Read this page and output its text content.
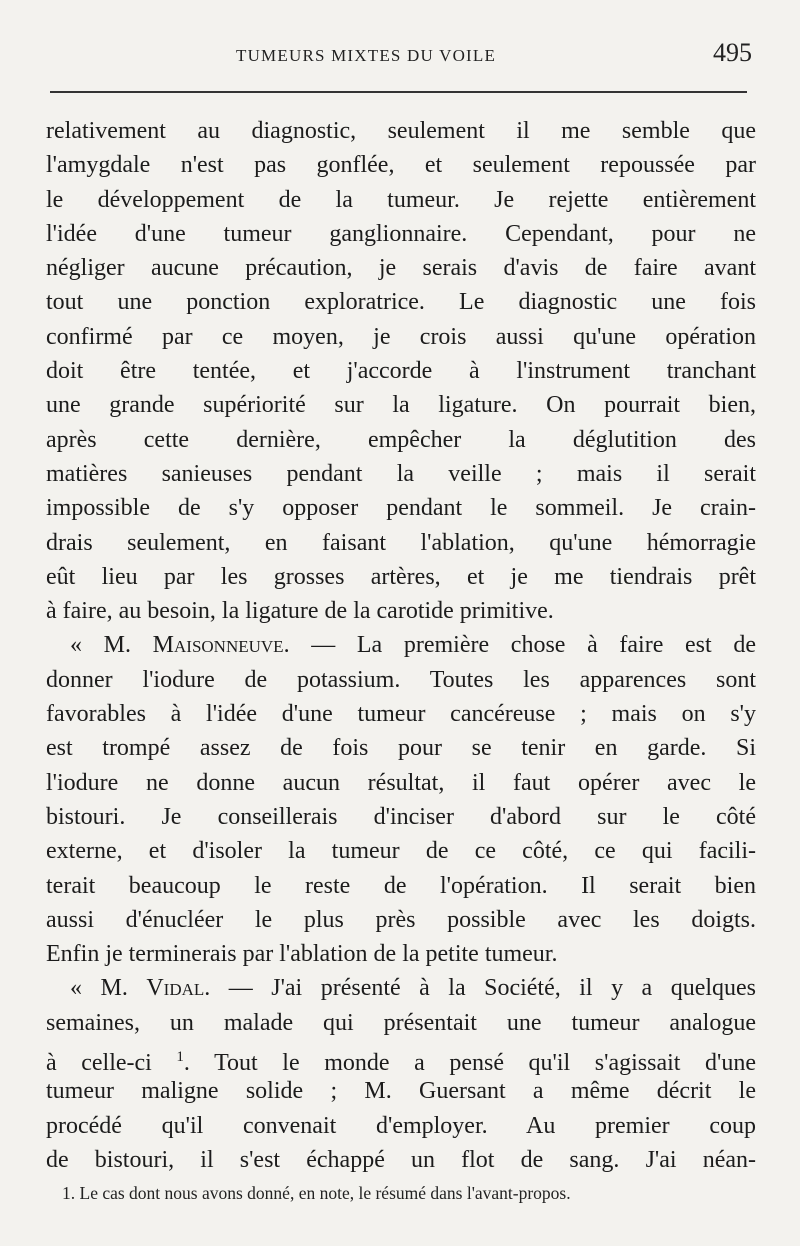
TUMEURS MIXTES DU VOILE	495
relativement au diagnostic, seulement il me semble que
l'amygdale n'est pas gonflée, et seulement repoussée par
le développement de la tumeur. Je rejette entièrement
l'idée d'une tumeur ganglionnaire. Cependant, pour ne
négliger aucune précaution, je serais d'avis de faire avant
tout une ponction exploratrice. Le diagnostic une fois
confirmé par ce moyen, je crois aussi qu'une opération
doit être tentée, et j'accorde à l'instrument tranchant
une grande supériorité sur la ligature. On pourrait bien,
après cette dernière, empêcher la déglutition des
matières sanieuses pendant la veille ; mais il serait
impossible de s'y opposer pendant le sommeil. Je crain-
drais seulement, en faisant l'ablation, qu'une hémorragie
eût lieu par les grosses artères, et je me tiendrais prêt
à faire, au besoin, la ligature de la carotide primitive.
« M. Maisonneuve. — La première chose à faire est de
donner l'iodure de potassium. Toutes les apparences sont
favorables à l'idée d'une tumeur cancéreuse ; mais on s'y
est trompé assez de fois pour se tenir en garde. Si
l'iodure ne donne aucun résultat, il faut opérer avec le
bistouri. Je conseillerais d'inciser d'abord sur le côté
externe, et d'isoler la tumeur de ce côté, ce qui facili-
terait beaucoup le reste de l'opération. Il serait bien
aussi d'énucléer le plus près possible avec les doigts.
Enfin je terminerais par l'ablation de la petite tumeur.
« M. Vidal. — J'ai présenté à la Société, il y a quelques
semaines, un malade qui présentait une tumeur analogue
à celle-ci $^1$. Tout le monde a pensé qu'il s'agissait d'une
tumeur maligne solide ; M. Guersant a même décrit le
procédé qu'il convenait d'employer. Au premier coup
de bistouri, il s'est échappé un flot de sang. J'ai néan-
1. Le cas dont nous avons donné, en note, le résumé dans l'avant-propos.
